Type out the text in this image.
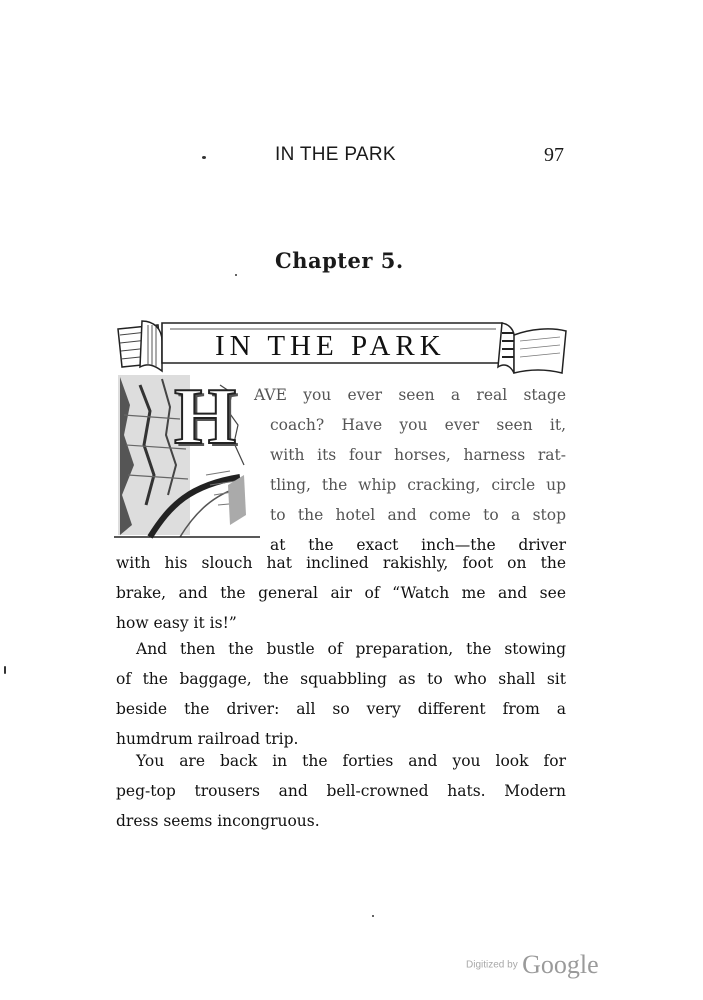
IN THE PARK	97
Chapter 5.
IN THE PARK
H	AVE you ever seen a real stage
coach? Have you ever seen it,
with its four horses, harness rat-
tling, the whip cracking, circle up
to the hotel and come to a stop
at the exact inch—the driver
with his slouch hat inclined rakishly, foot on the
brake, and the general air of “Watch me and see
how easy it is!”
And then the bustle of preparation, the stowing
of the baggage, the squabbling as to who shall sit
beside the driver: all so very different from a
humdrum railroad trip.
You are back in the forties and you look for
peg-top trousers and bell-crowned hats. Modern
dress seems incongruous.
Digitized by Google
